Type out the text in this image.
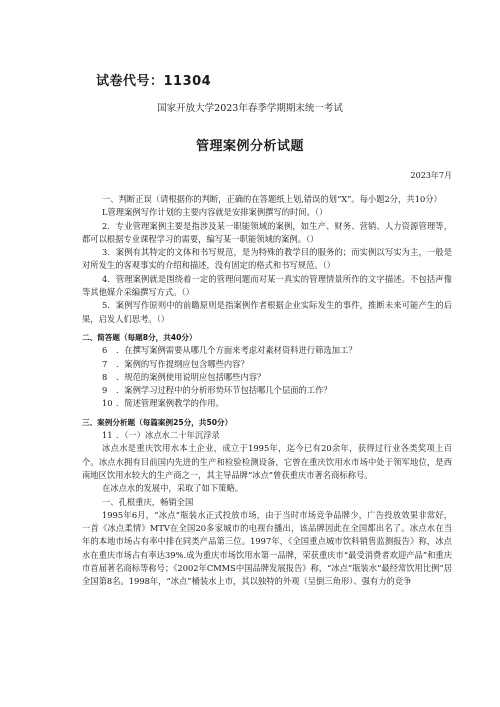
试卷代号：11304
国家开放大学2023年春季学期期末统一考试
管理案例分析试题
2023年7月

一、判断正误（请根据你的判断，正确的在答题纸上划,错误的划“X”。每小题2分，共10分）

L管理案例写作计划的主要内容就是安排案例撰写的时间。（）

2．专业管理案例主要是指涉及某一职能领域的案例，如生产、财务、营销、人力资源管理等，都可以根据专业课程学习的需要，编写某一职能领域的案例。（）

3．案例有其特定的文体和书写规范，是为特殊的教学目的服务的；而实例以写实为主，一般是对所发生的客观事实的介绍和描述，没有固定的格式和书写规范。（）

4．管理案例就是围绕着一定的管理问题而对某一真实的管理情景所作的文字描述。不包括声像等其他媒介采编撰写方式。（）

5．案例写作原则中的前瞻原则是指案例作者根据企业实际发生的事件，推断未来可能产生的后果，启发人们思考。（）

二、简答题（每题8分，共40分）

6 ．在撰写案例需要从哪几个方面来考虑对素材资料进行筛选加工？

7 ．案例的写作提纲应包含哪些内容？

8 ．规范的案例使用说明应包括哪些内容？

9 ．案例学习过程中的分析形势环节包括哪几个层面的工作？

10 ．简述管理案例教学的作用。

三、案例分析题（每篇案例25分，共50分）

11 ．（一）冰点水二十年沉浮录

冰点水是重庆饮用水本土企业，成立于1995年，迄今已有20余年，获得过行业各类奖项上百个。冰点水拥有目前国内先进的生产和检验检测设备，它曾在重庆饮用水市场中处于领军地位，是西南地区饮用水较大的生产商之一，其主导品牌“冰点”曾获重庆市著名商标称号。

在冰点水的发展中，采取了如下策略。

一、孔根重庆，畅销全国

1995年6月，“冰点”瓶装水正式投放市场，由于当时市场竞争品牌少，广告投放效果非常好，一首《冰点柔情》MTV在全国20多家城市的电视台播出，该品牌因此在全国都出名了。冰点水在当年的本地市场占有率中排在同类产品第三位。1997年，《全国重点城市饮料销售监测报告》称，冰点水在重庆市场占有率达39%.成为重庆市场饮用水第一品牌，荣获重庆市“最受消费者欢迎产品”和重庆市首届著名商标等称号；《2002年CMMS中国品牌发展报告》称，“冰点”瓶装水“最经常饮用比例”居全国第8名。1998年，“冰点”桶装水上市，其以独特的外观（呈倒三角形）、强有力的竞争
